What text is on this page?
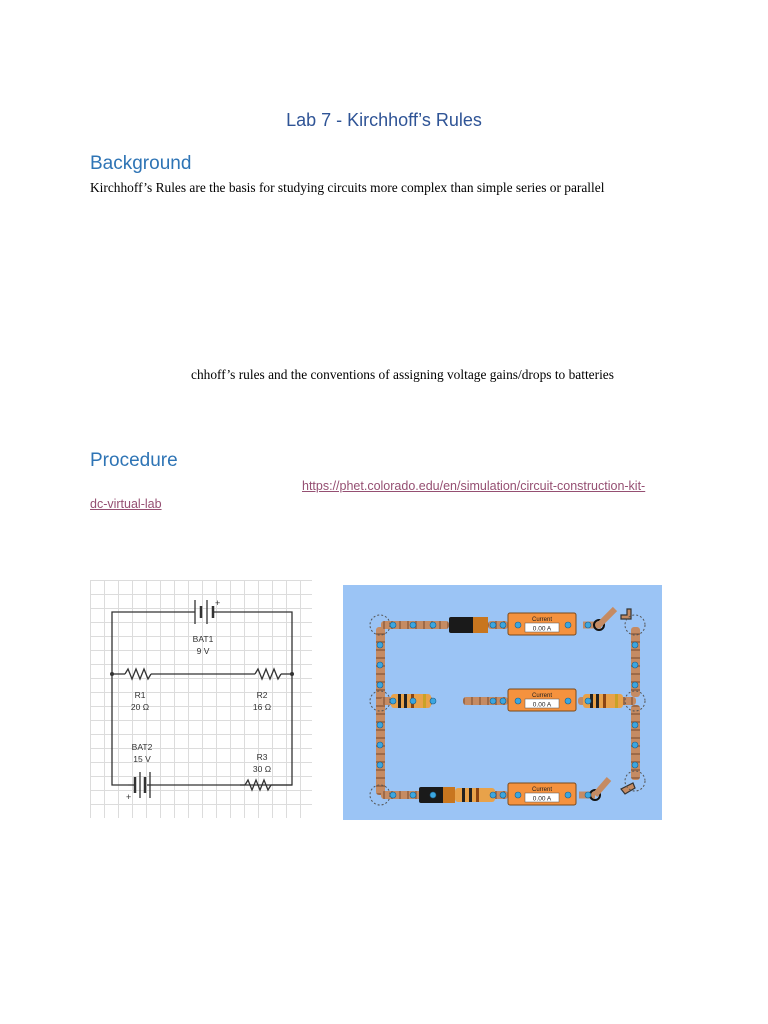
Lab 7 - Kirchhoff’s Rules
Background
Kirchhoff’s Rules are the basis for studying circuits more complex than simple series or parallel
chhoff’s rules and the conventions of assigning voltage gains/drops to batteries
Procedure
https://phet.colorado.edu/en/simulation/circuit-construction-kit-
dc-virtual-lab
+
BAT1
9 V
R1
20 Ω
R2
16 Ω
BAT2
15 V
+
R3
30 Ω
Current
0.00 A
Current
0.00 A
Current
0.00 A
